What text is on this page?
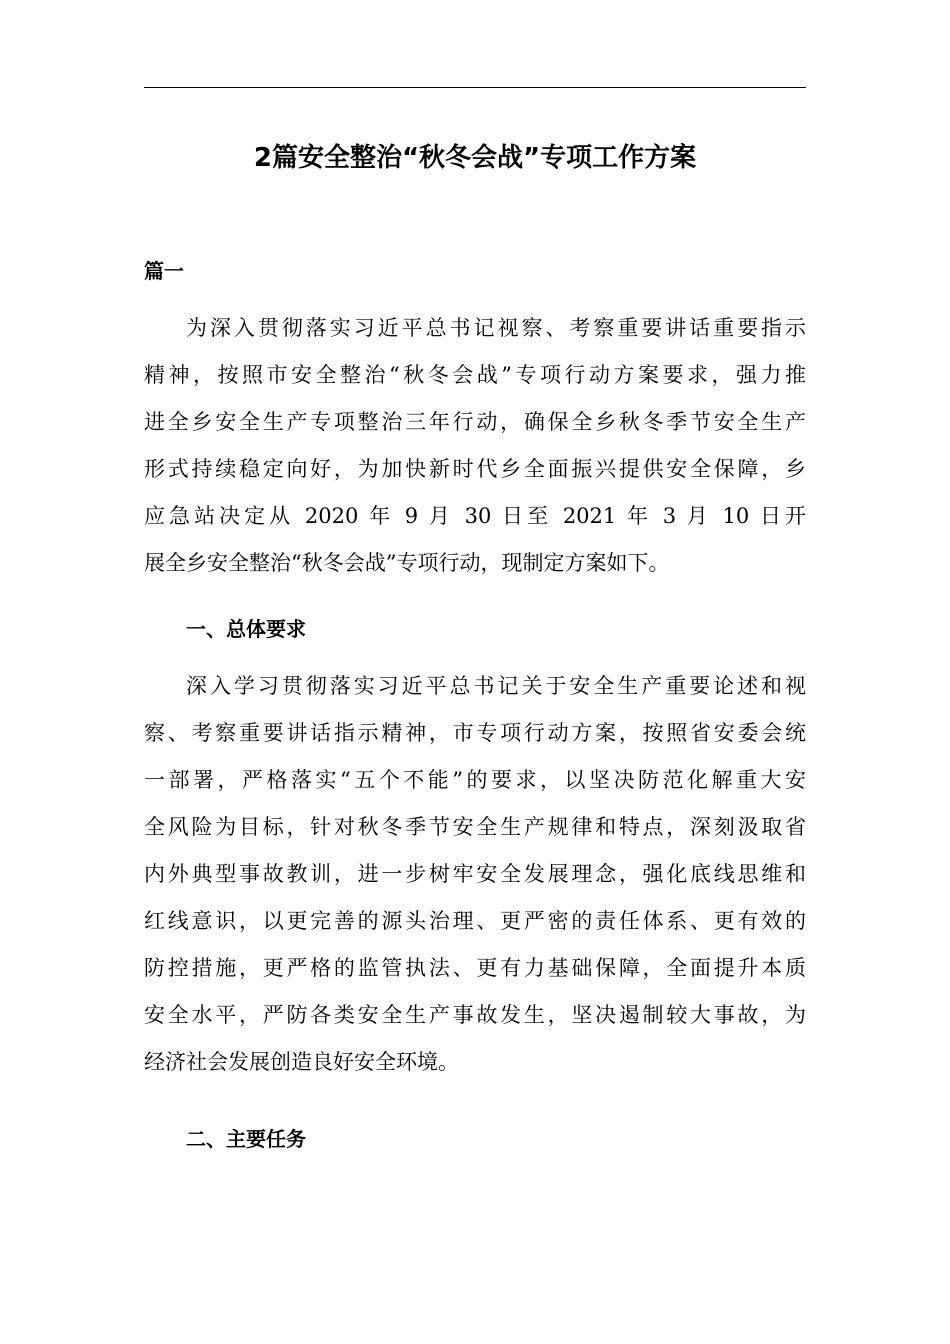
2篇安全整治“秋冬会战”专项工作方案
篇一
为深入贯彻落实习近平总书记视察、考察重要讲话重要指示
精神，按照市安全整治“秋冬会战”专项行动方案要求，强力推
进全乡安全生产专项整治三年行动，确保全乡秋冬季节安全生产
形式持续稳定向好，为加快新时代乡全面振兴提供安全保障，乡
应急站决定从 2020 年 9 月 30 日至 2021 年 3 月 10 日开
展全乡安全整治“秋冬会战”专项行动，现制定方案如下。
一、总体要求
深入学习贯彻落实习近平总书记关于安全生产重要论述和视
察、考察重要讲话指示精神，市专项行动方案，按照省安委会统
一部署，严格落实“五个不能”的要求，以坚决防范化解重大安
全风险为目标，针对秋冬季节安全生产规律和特点，深刻汲取省
内外典型事故教训，进一步树牢安全发展理念，强化底线思维和
红线意识，以更完善的源头治理、更严密的责任体系、更有效的
防控措施，更严格的监管执法、更有力基础保障，全面提升本质
安全水平，严防各类安全生产事故发生，坚决遏制较大事故，为
经济社会发展创造良好安全环境。
二、主要任务
